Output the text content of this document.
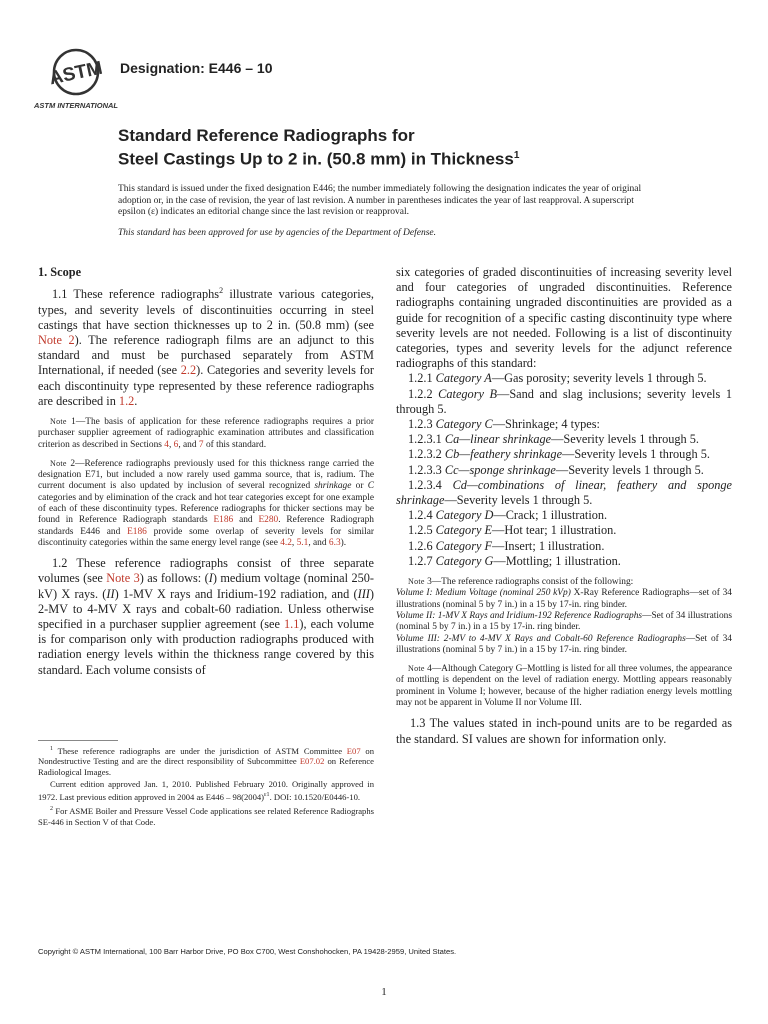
ASTM
ASTM INTERNATIONAL
Designation: E446 – 10
Standard Reference Radiographs for
Steel Castings Up to 2 in. (50.8 mm) in Thickness$^1$

This standard is issued under the fixed designation E446; the number immediately following the designation indicates the year of original adoption or, in the case of revision, the year of last revision. A number in parentheses indicates the year of last reapproval. A superscript epsilon (ε) indicates an editorial change since the last revision or reapproval.

This standard has been approved for use by agencies of the Department of Defense.

1. Scope

1.1 These reference radiographs$^2$ illustrate various categories, types, and severity levels of discontinuities occurring in steel castings that have section thicknesses up to 2 in. (50.8 mm) (see Note 2). The reference radiograph films are an adjunct to this standard and must be purchased separately from ASTM International, if needed (see 2.2). Categories and severity levels for each discontinuity type represented by these reference radiographs are described in 1.2.

Note 1—The basis of application for these reference radiographs requires a prior purchaser supplier agreement of radiographic examination attributes and classification criterion as described in Sections 4, 6, and 7 of this standard.

Note 2—Reference radiographs previously used for this thickness range carried the designation E71, but included a now rarely used gamma source, that is, radium. The current document is also updated by inclusion of several recognized shrinkage or C categories and by elimination of the crack and hot tear categories except for one example of each of these discontinuity types. Reference radiographs for thicker sections may be found in Reference Radiograph standards E186 and E280. Reference Radiograph standards E446 and E186 provide some overlap of severity levels for similar discontinuity categories within the same energy level range (see 4.2, 5.1, and 6.3).

1.2 These reference radiographs consist of three separate volumes (see Note 3) as follows: (I) medium voltage (nominal 250-kV) X rays. (II) 1-MV X rays and Iridium-192 radiation, and (III) 2-MV to 4-MV X rays and cobalt-60 radiation. Unless otherwise specified in a purchaser supplier agreement (see 1.1), each volume is for comparison only with production radiographs produced with radiation energy levels within the thickness range covered by this standard. Each volume consists of

$^1$ These reference radiographs are under the jurisdiction of ASTM Committee E07 on Nondestructive Testing and are the direct responsibility of Subcommittee E07.02 on Reference Radiological Images.

Current edition approved Jan. 1, 2010. Published February 2010. Originally approved in 1972. Last previous edition approved in 2004 as $E446 - 98(2004)^{\varepsilon 1}$. DOI: 10.1520/E0446-10.

$^2$ For ASME Boiler and Pressure Vessel Code applications see related Reference Radiographs SE-446 in Section V of that Code.

six categories of graded discontinuities of increasing severity level and four categories of ungraded discontinuities. Reference radiographs containing ungraded discontinuities are provided as a guide for recognition of a specific casting discontinuity type where severity levels are not needed. Following is a list of discontinuity categories, types and severity levels for the adjunct reference radiographs of this standard:

1.2.1 Category A—Gas porosity; severity levels 1 through 5.

1.2.2 Category B—Sand and slag inclusions; severity levels 1 through 5.

1.2.3 Category C—Shrinkage; 4 types:

1.2.3.1 Ca—linear shrinkage—Severity levels 1 through 5.

1.2.3.2 Cb—feathery shrinkage—Severity levels 1 through 5.

1.2.3.3 Cc—sponge shrinkage—Severity levels 1 through 5.

1.2.3.4 Cd—combinations of linear, feathery and sponge shrinkage—Severity levels 1 through 5.

1.2.4 Category D—Crack; 1 illustration.

1.2.5 Category E—Hot tear; 1 illustration.

1.2.6 Category F—Insert; 1 illustration.

1.2.7 Category G—Mottling; 1 illustration.

Note 3—The reference radiographs consist of the following:
Volume I: Medium Voltage (nominal 250 kVp) X-Ray Reference Radiographs—set of 34 illustrations (nominal 5 by 7 in.) in a 15 by 17-in. ring binder.
Volume II: 1-MV X Rays and Iridium-192 Reference Radiographs—Set of 34 illustrations (nominal 5 by 7 in.) in a 15 by 17-in. ring binder.
Volume III: 2-MV to 4-MV X Rays and Cobalt-60 Reference Radiographs—Set of 34 illustrations (nominal 5 by 7 in.) in a 15 by 17-in. ring binder.

Note 4—Although Category G–Mottling is listed for all three volumes, the appearance of mottling is dependent on the level of radiation energy. Mottling appears reasonably prominent in Volume I; however, because of the higher radiation energy levels mottling may not be apparent in Volume II nor Volume III.

1.3 The values stated in inch-pound units are to be regarded as the standard. SI values are shown for information only.

Copyright © ASTM International, 100 Barr Harbor Drive, PO Box C700, West Conshohocken, PA 19428-2959, United States.
1
